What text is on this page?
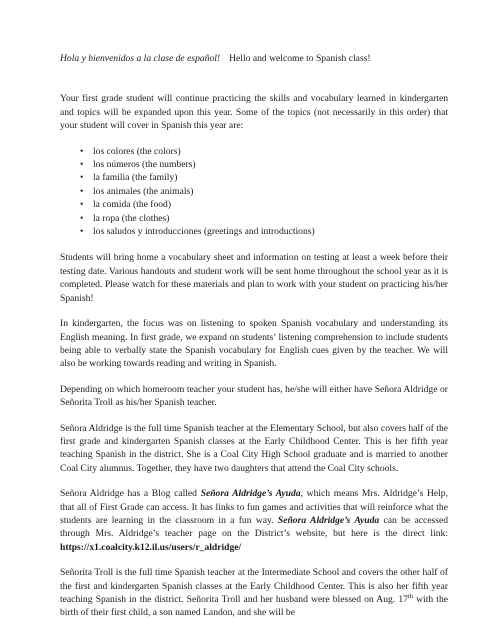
Hola y bienvenidos a la clase de español! Hello and welcome to Spanish class!

Your first grade student will continue practicing the skills and vocabulary learned in kindergarten and topics will be expanded upon this year. Some of the topics (not necessarily in this order) that your student will cover in Spanish this year are:

• los colores (the colors)
• los números (the numbers)
• la familia (the family)
• los animales (the animals)
• la comida (the food)
• la ropa (the clothes)
• los saludos y introducciones (greetings and introductions)

Students will bring home a vocabulary sheet and information on testing at least a week before their testing date. Various handouts and student work will be sent home throughout the school year as it is completed. Please watch for these materials and plan to work with your student on practicing his/her Spanish!

In kindergarten, the focus was on listening to spoken Spanish vocabulary and understanding its English meaning. In first grade, we expand on students’ listening comprehension to include students being able to verbally state the Spanish vocabulary for English cues given by the teacher. We will also be working towards reading and writing in Spanish.

Depending on which homeroom teacher your student has, he/she will either have Señora Aldridge or Señorita Troll as his/her Spanish teacher.

Señora Aldridge is the full time Spanish teacher at the Elementary School, but also covers half of the first grade and kindergarten Spanish classes at the Early Childhood Center. This is her fifth year teaching Spanish in the district. She is a Coal City High School graduate and is married to another Coal City alumnus. Together, they have two daughters that attend the Coal City schools.

Señora Aldridge has a Blog called Señora Aldridge’s Ayuda, which means Mrs. Aldridge’s Help, that all of First Grade can access. It has links to fun games and activities that will reinforce what the students are learning in the classroom in a fun way. Señora Aldridge’s Ayuda can be accessed through Mrs. Aldridge’s teacher page on the District’s website, but here is the direct link: https://x1.coalcity.k12.il.us/users/r_aldridge/

Señorita Troll is the full time Spanish teacher at the Intermediate School and covers the other half of the first and kindergarten Spanish classes at the Early Childhood Center. This is also her fifth year teaching Spanish in the district. Señorita Troll and her husband were blessed on Aug. 17th with the birth of their first child, a son named Landon, and she will be
